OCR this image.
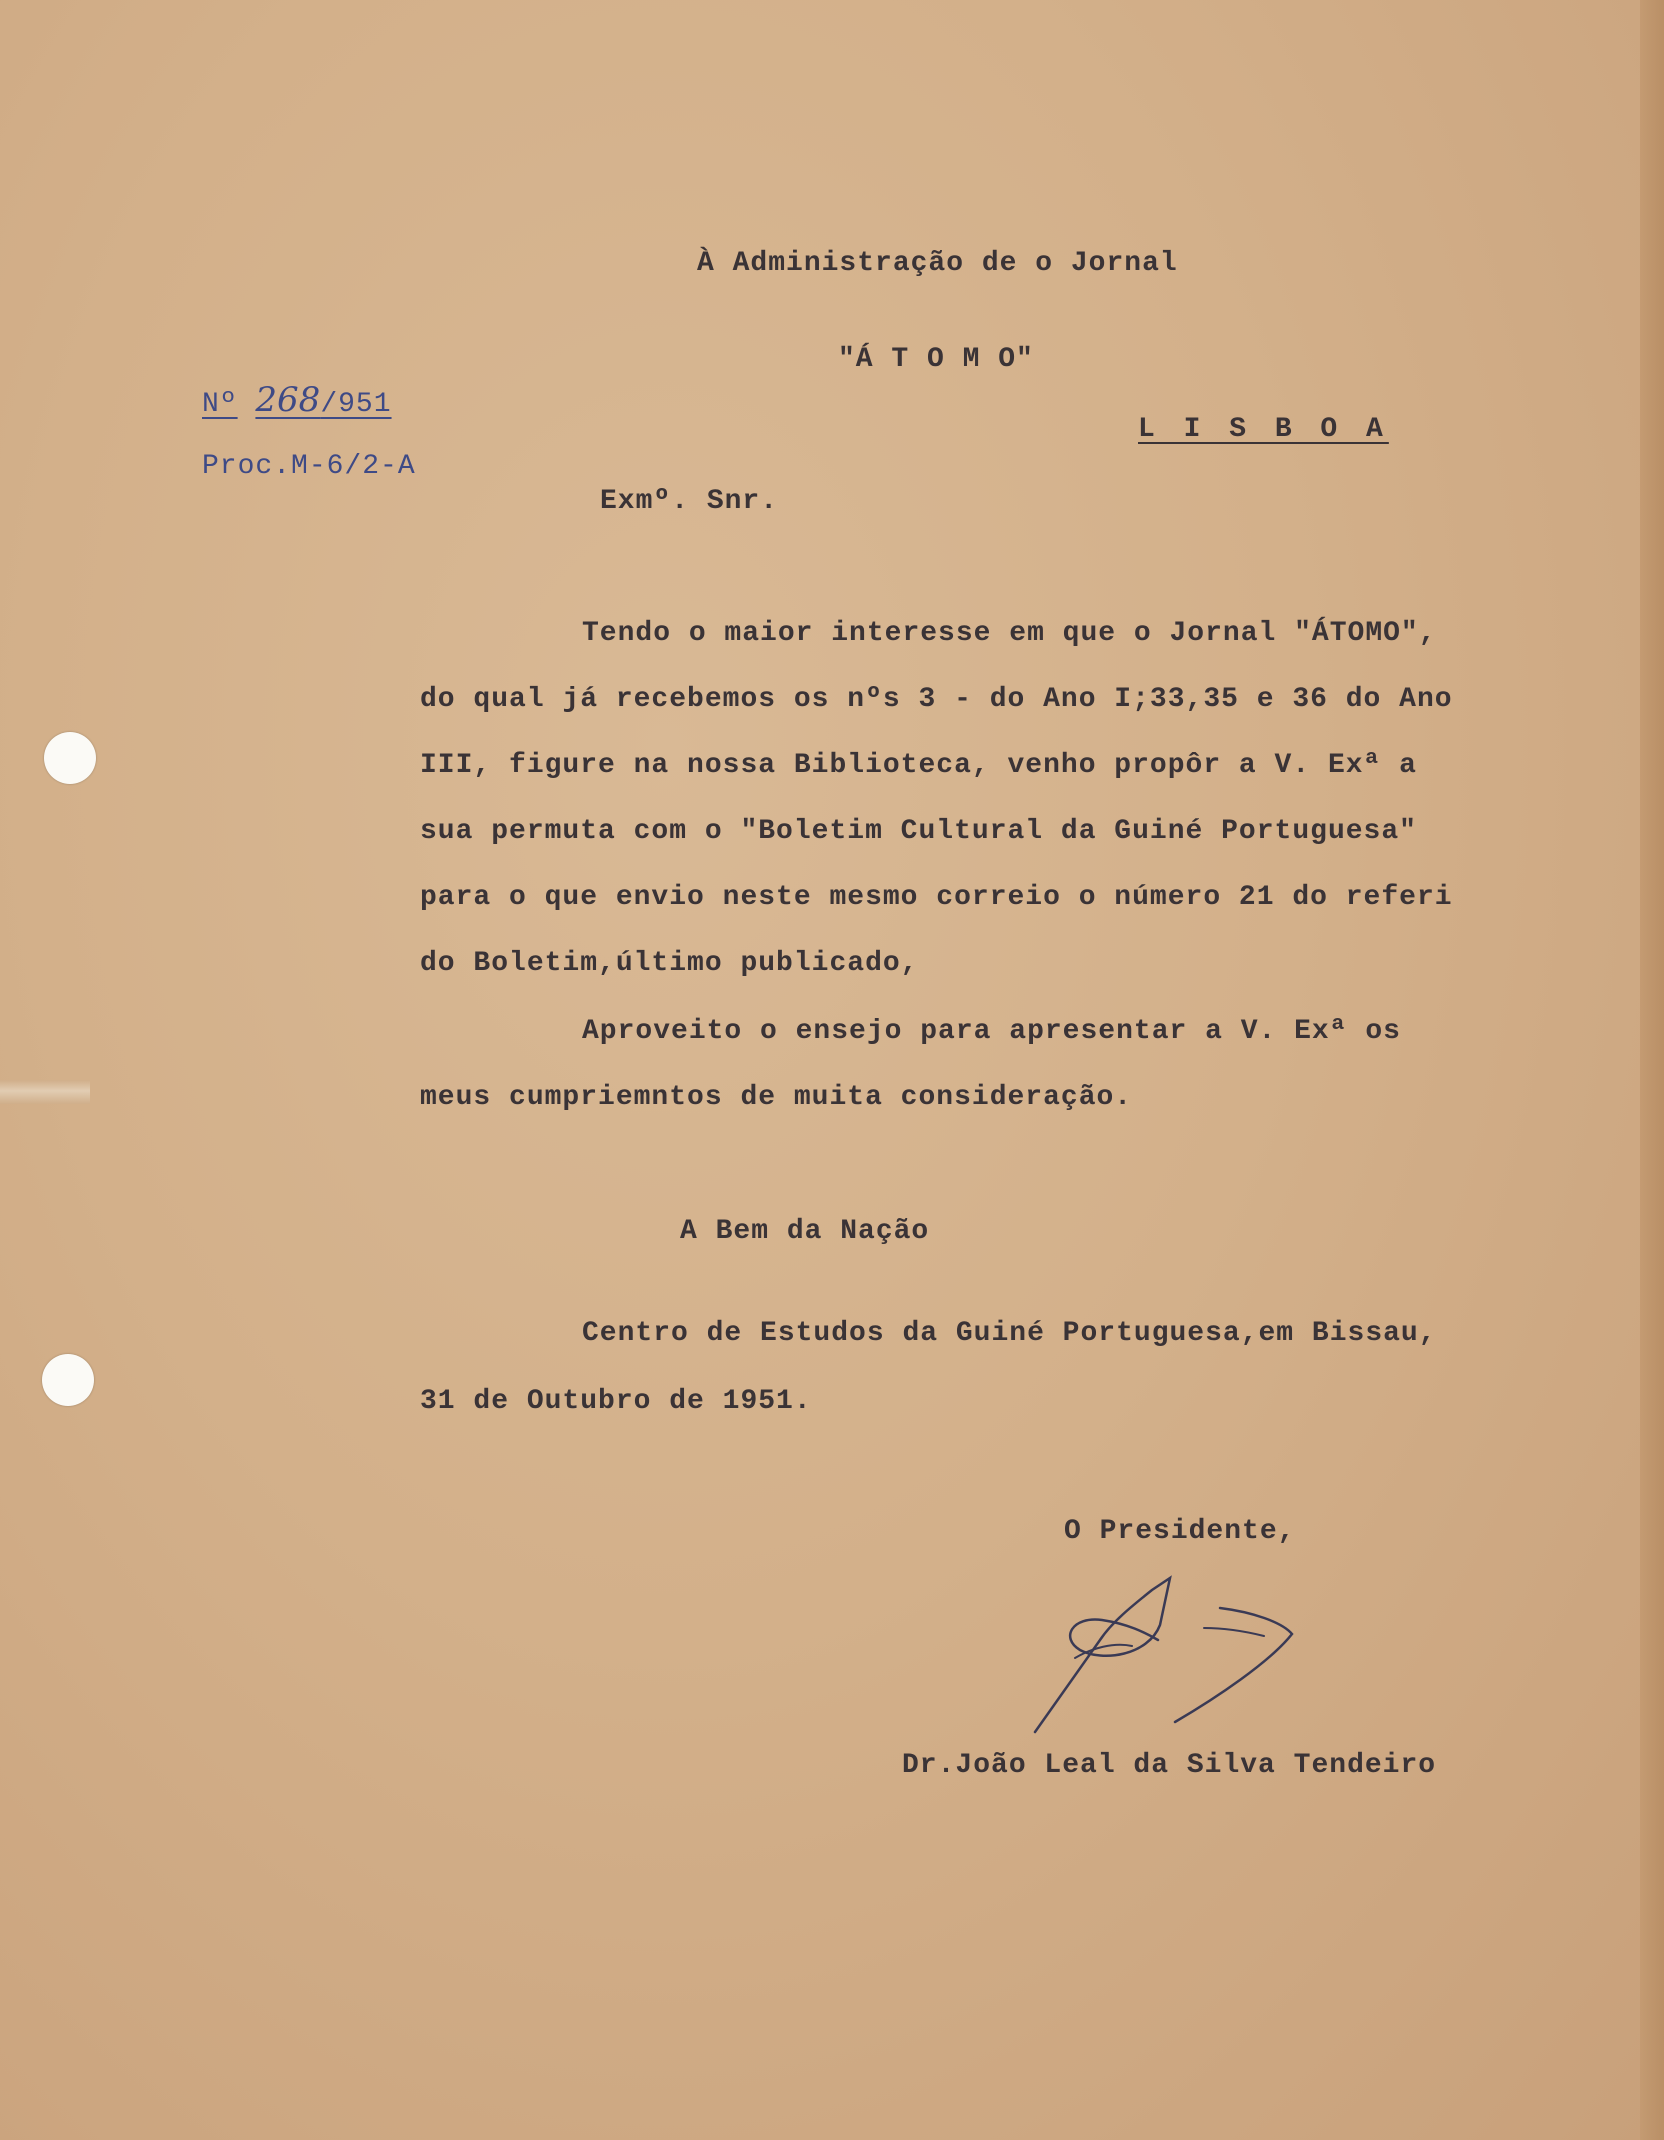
À Administração de o Jornal
"Á T O M O"
L I S B O A
Nº 268/951
Proc.M-6/2-A
Exmº. Snr.
Tendo o maior interesse em que o Jornal "ÁTOMO",
do qual já recebemos os nºs 3 - do Ano I;33,35 e 36 do Ano
III, figure na nossa Biblioteca, venho propôr a V. Exª a
sua permuta com o "Boletim Cultural da Guiné Portuguesa"
para o que envio neste mesmo correio o número 21 do referi
do Boletim,último publicado,
Aproveito o ensejo para apresentar a V. Exª os
meus cumpriemntos de muita consideração.
A Bem da Nação
Centro de Estudos da Guiné Portuguesa,em Bissau,
31 de Outubro de 1951.
O Presidente,
Dr.João Leal da Silva Tendeiro
